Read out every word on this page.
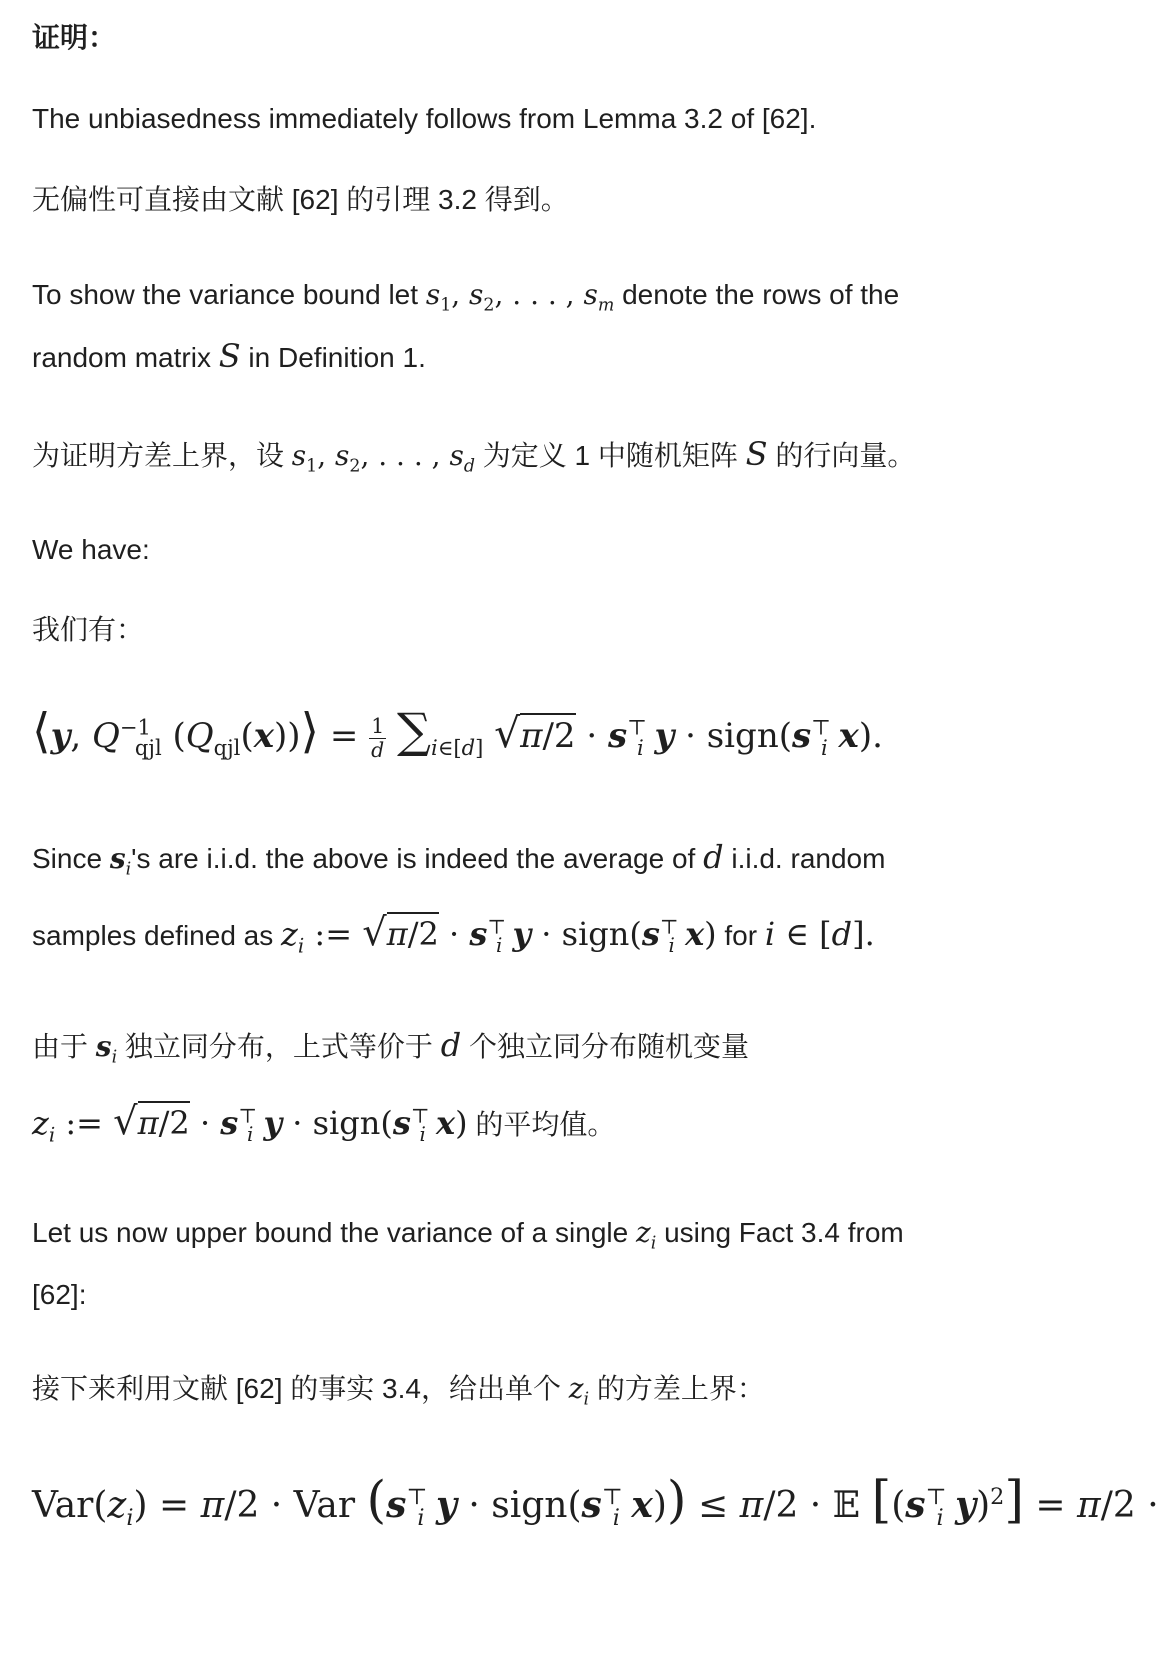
证明：
The unbiasedness immediately follows from Lemma 3.2 of [62].
无偏性可直接由文献 [62] 的引理 3.2 得到。
To show the variance bound let $s_1$, $s_2$, . . . , $s_m$ denote the rows of the
random matrix S in Definition 1.
为证明方差上界，设 $s_1$, $s_2$, . . . , $s_d$ 为定义 1 中随机矩阵 S 的行向量。
We have:
我们有：
⟨y, $Q^{-1}_{qjl}$ $(Q_{qjl}(x))⟩ = \frac{1}{d} \sum_{i\in[d]}$ $√\pi/2 \cdot s^⊤_i$ $y \cdot sign(s^⊤_i$ x).
Since $s_i's$ are i.i.d. the above is indeed the average of d i.i.d. random
samples defined as $z_i$ := $√\pi/2 \cdot s^⊤_i$ $y \cdot sign(s^⊤_i$ x) for i ∈ [d].
由于 $s_i$ 独立同分布，上式等价于 d 个独立同分布随机变量
$z_i$ := $√\pi/2 \cdot s^⊤_i$ $y \cdot sign(s^⊤_i$ x) 的平均值。
Let us now upper bound the variance of a single $z_i$ using Fact 3.4 from
[62]:
接下来利用文献 [62] 的事实 3.4，给出单个 $z_i$ 的方差上界：
$Var(z_i) = \pi/2$ · Var ($s^⊤_i$ $y \cdot sign(s^⊤_i$ x)) ≤ π/2 · 𝔼 [($s^⊤_i$ y)$^2$] = π/2 ·
